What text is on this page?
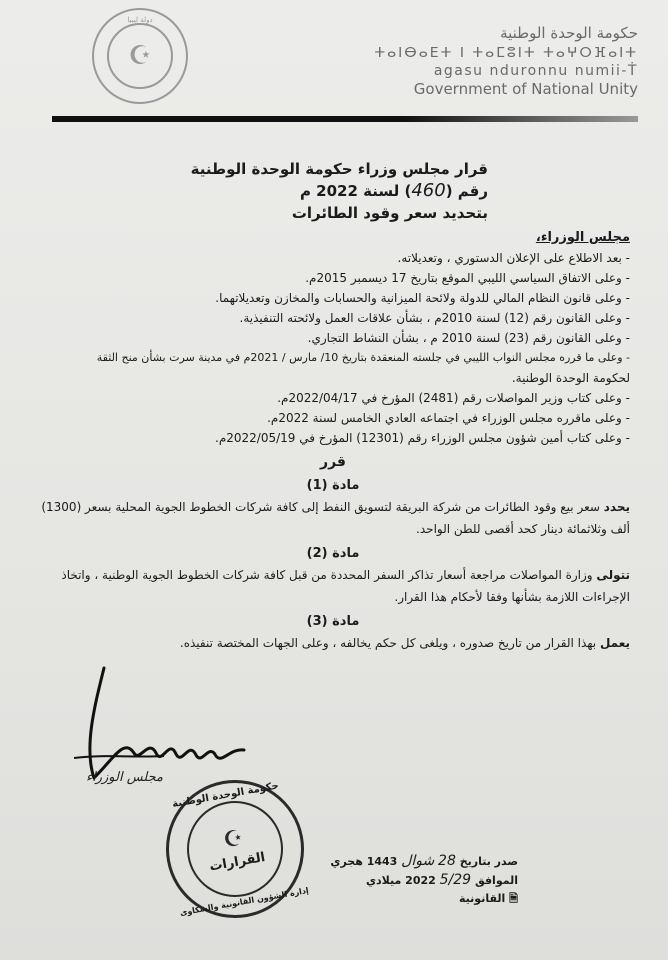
دولة ليبيا
☪
حكومة الوحدة الوطنية
ⵜⴰⵏⴱⴰⴹⵜ ⵏ ⵜⴰⵎⵓⵏⵜ ⵜⴰⵖⵔⴼⴰⵏⵜ
agasu nduronnu numii-Ṫ
Government of National Unity
قرار مجلس وزراء حكومة الوحدة الوطنية
رقم (460) لسنة 2022 م
بتحديد سعر وقود الطائرات
مجلس الوزراء،
- بعد الاطلاع على الإعلان الدستوري ، وتعديلاته.
- وعلى الاتفاق السياسي الليبي الموقع بتاريخ 17 ديسمبر 2015م.
- وعلى قانون النظام المالي للدولة ولائحة الميزانية والحسابات والمخازن وتعديلاتهما.
- وعلى القانون رقم (12) لسنة 2010م ، بشأن علاقات العمل ولائحته التنفيذية.
- وعلى القانون رقم (23) لسنة 2010 م ، بشأن النشاط التجاري.
- وعلى ما قرره مجلس النواب الليبي في جلسته المنعقدة بتاريخ 10/ مارس / 2021م في مدينة سرت بشأن منح الثقة
لحكومة الوحدة الوطنية.
- وعلى كتاب وزير المواصلات رقم (2481) المؤرخ في 2022/04/17م.
- وعلى ماقرره مجلس الوزراء في اجتماعه العادي الخامس لسنة 2022م.
- وعلى كتاب أمين شؤون مجلس الوزراء رقم (12301) المؤرخ في 2022/05/19م.
قرر
مادة (1)
يحدد سعر بيع وقود الطائرات من شركة البريقة لتسويق النفط إلى كافة شركات الخطوط الجوية المحلية بسعر (1300) ألف وثلاثمائة دينار كحد أقصى للطن الواحد.
مادة (2)
تتولى وزارة المواصلات مراجعة أسعار تذاكر السفر المحددة من قبل كافة شركات الخطوط الجوية الوطنية ، واتخاذ الإجراءات اللازمة بشأنها وفقا لأحكام هذا القرار.
مادة (3)
يعمل بهذا القرار من تاريخ صدوره ، ويلغى كل حكم يخالفه ، وعلى الجهات المختصة تنفيذه.
مجلس الوزراء
حكومة الوحدة الوطنية
☪
القرارات
إدارة الشؤون القانونية والشكاوى
صدر بتاريخ 28 شوال 1443 هجري
الموافق 5/29 2022 ميلادي
🗎 القانونية
